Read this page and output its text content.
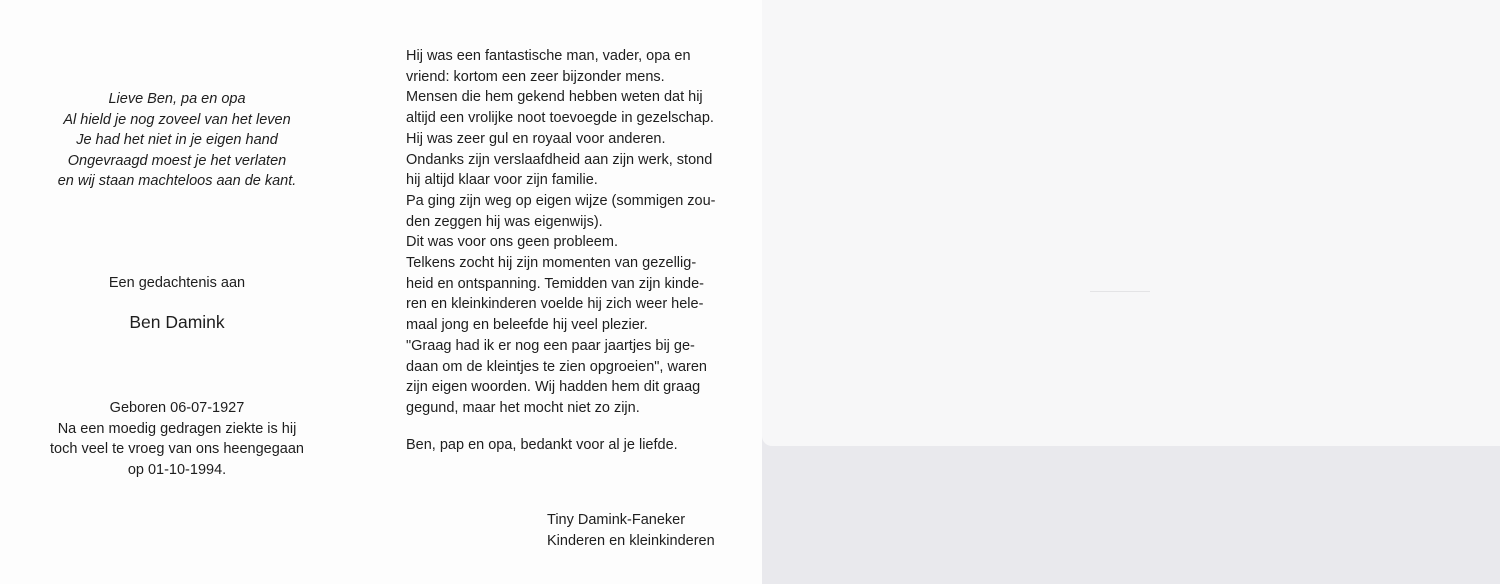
Lieve Ben, pa en opa
Al hield je nog zoveel van het leven
Je had het niet in je eigen hand
Ongevraagd moest je het verlaten
en wij staan machteloos aan de kant.
Een gedachtenis aan
Ben Damink
Geboren 06-07-1927
Na een moedig gedragen ziekte is hij
toch veel te vroeg van ons heengegaan
op 01-10-1994.
Hij was een fantastische man, vader, opa en
vriend: kortom een zeer bijzonder mens.
Mensen die hem gekend hebben weten dat hij
altijd een vrolijke noot toevoegde in gezelschap.
Hij was zeer gul en royaal voor anderen.
Ondanks zijn verslaafdheid aan zijn werk, stond
hij altijd klaar voor zijn familie.
Pa ging zijn weg op eigen wijze (sommigen zou-
den zeggen hij was eigenwijs).
Dit was voor ons geen probleem.
Telkens zocht hij zijn momenten van gezellig-
heid en ontspanning. Temidden van zijn kinde-
ren en kleinkinderen voelde hij zich weer hele-
maal jong en beleefde hij veel plezier.
"Graag had ik er nog een paar jaartjes bij ge-
daan om de kleintjes te zien opgroeien", waren
zijn eigen woorden. Wij hadden hem dit graag
gegund, maar het mocht niet zo zijn.
Ben, pap en opa, bedankt voor al je liefde.
Tiny Damink-Faneker
Kinderen en kleinkinderen
